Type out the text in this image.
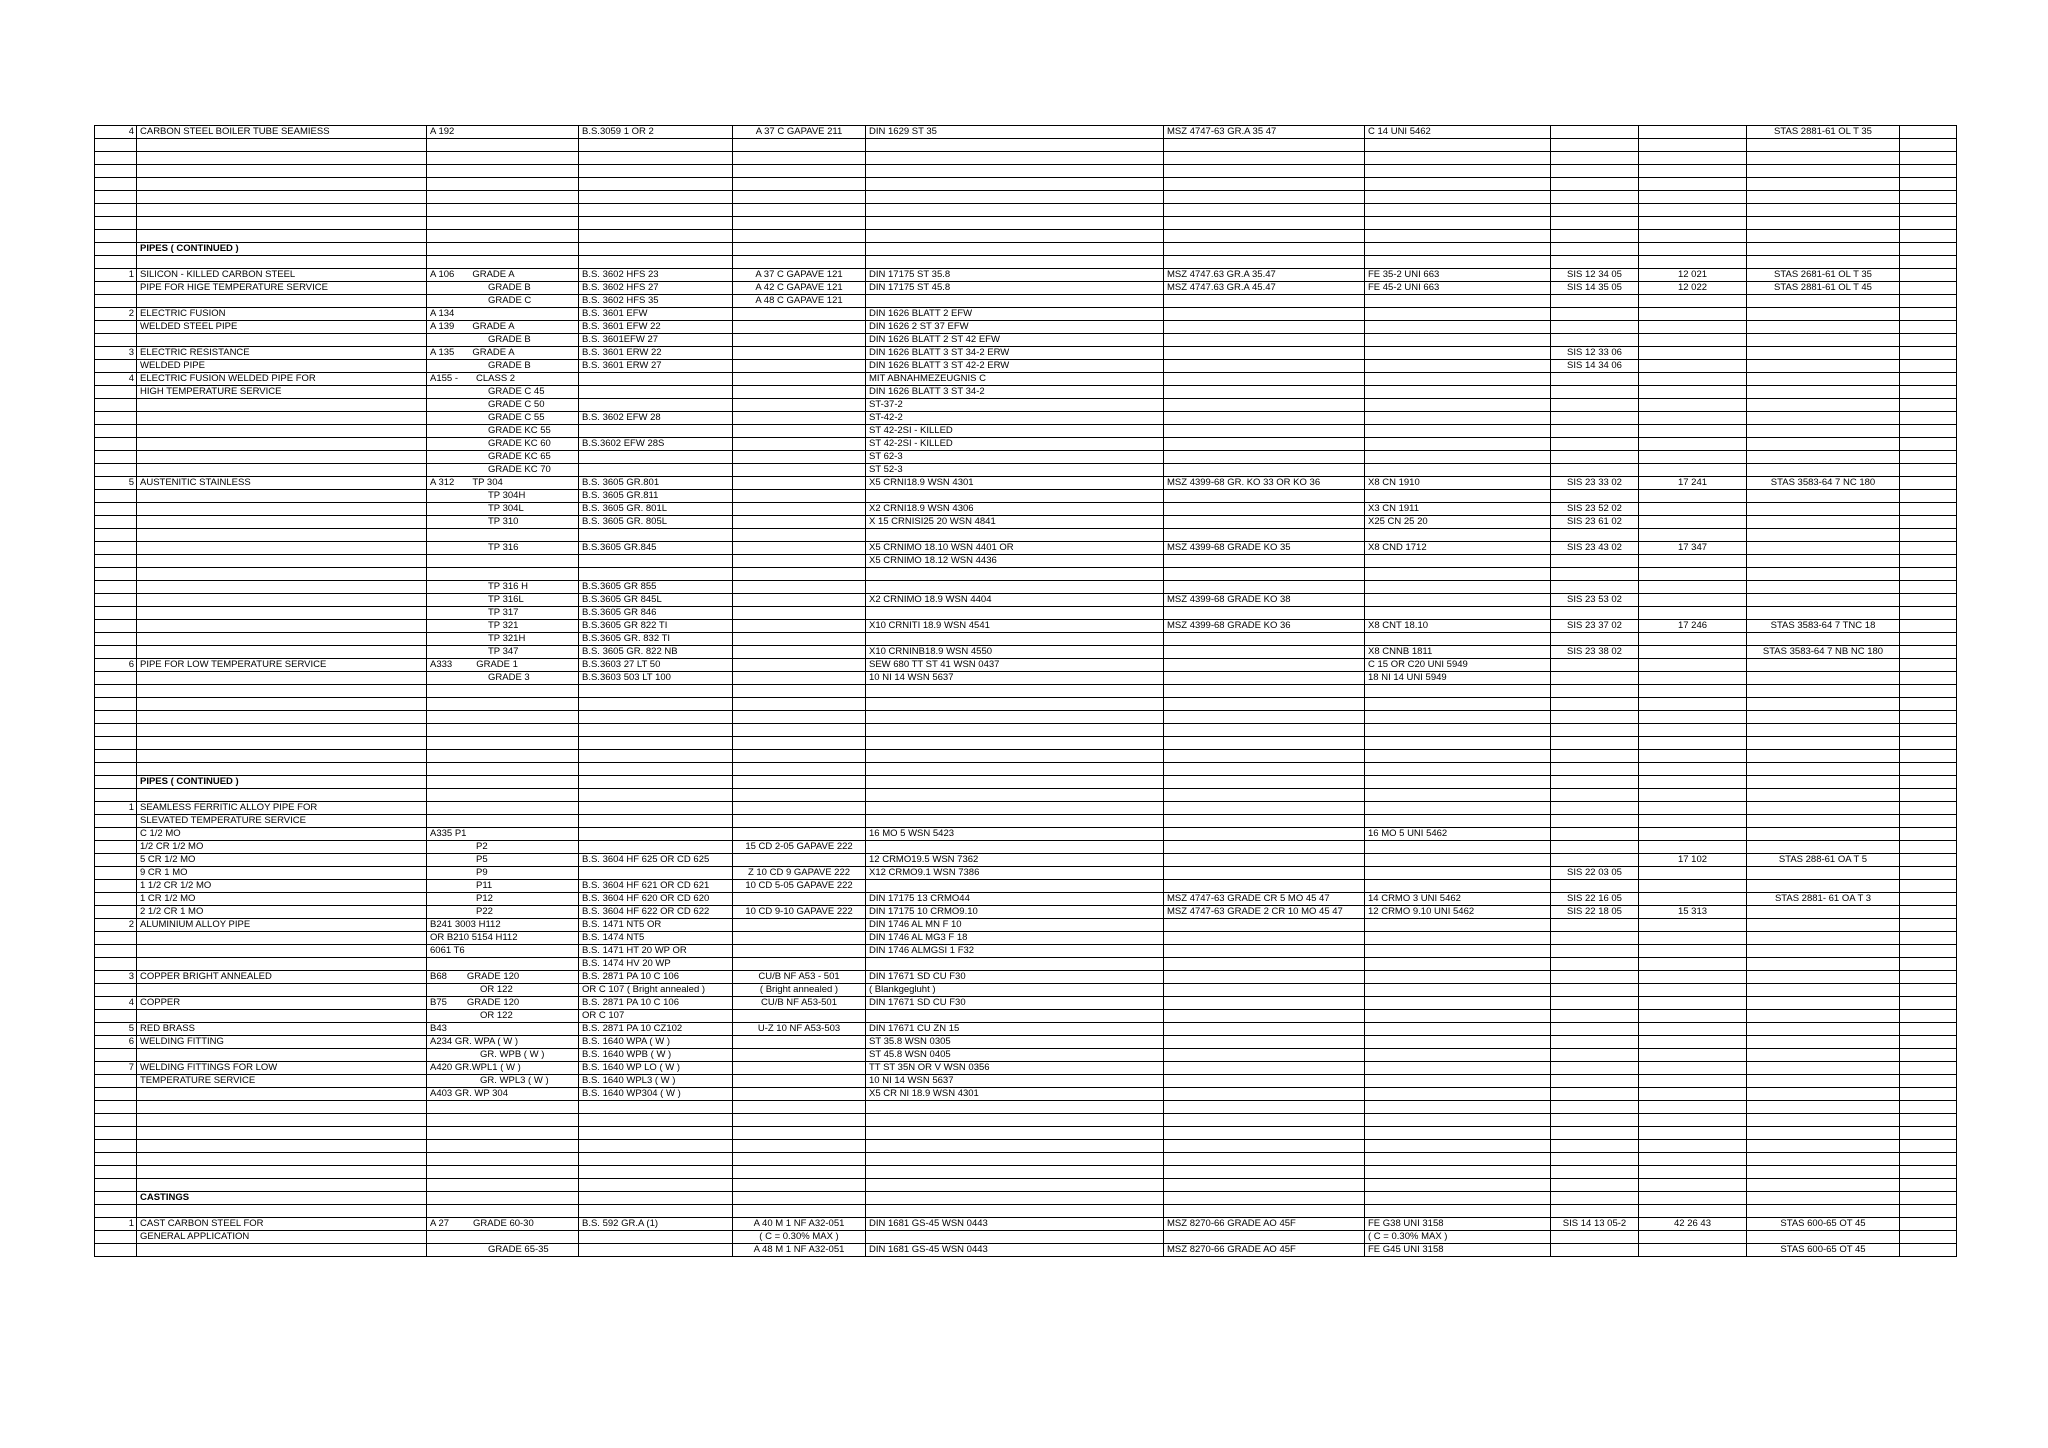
4	CARBON STEEL BOILER TUBE SEAMIESS	A 192	B.S.3059 1 OR 2	A 37 C GAPAVE 211	DIN 1629 ST 35	MSZ 4747-63 GR.A 35 47	C 14 UNI 5462			STAS 2881-61 OL T 35	

	PIPES ( CONTINUED )										

1	SILICON - KILLED CARBON STEEL	A 106 GRADE A	B.S. 3602 HFS 23	A 37 C GAPAVE 121	DIN 17175 ST 35.8	MSZ 4747.63 GR.A 35.47	FE 35-2 UNI 663	SIS 12 34 05	12 021	STAS 2681-61 OL T 35	
	PIPE FOR HIGE TEMPERATURE SERVICE	GRADE B	B.S. 3602 HFS 27	A 42 C GAPAVE 121	DIN 17175 ST 45.8	MSZ 4747.63 GR.A 45.47	FE 45-2 UNI 663	SIS 14 35 05	12 022	STAS 2881-61 OL T 45	
		GRADE C	B.S. 3602 HFS 35	A 48 C GAPAVE 121							
2	ELECTRIC FUSION	A 134	B.S. 3601 EFW		DIN 1626 BLATT 2 EFW						
	WELDED STEEL PIPE	A 139 GRADE A	B.S. 3601 EFW 22		DIN 1626 2 ST 37 EFW						
		GRADE B	B.S. 3601EFW 27		DIN 1626 BLATT 2 ST 42 EFW						
3	ELECTRIC RESISTANCE	A 135 GRADE A	B.S. 3601 ERW 22		DIN 1626 BLATT 3 ST 34-2 ERW			SIS 12 33 06			
	WELDED PIPE	GRADE B	B.S. 3601 ERW 27		DIN 1626 BLATT 3 ST 42-2 ERW			SIS 14 34 06			
4	ELECTRIC FUSION WELDED PIPE FOR	A155 - CLASS 2			MIT ABNAHMEZEUGNIS C						
	HIGH TEMPERATURE SERVICE	GRADE C 45			DIN 1626 BLATT 3 ST 34-2						
		GRADE C 50			ST-37-2						
		GRADE C 55	B.S. 3602 EFW 28		ST-42-2						
		GRADE KC 55			ST 42-2SI - KILLED						
		GRADE KC 60	B.S.3602 EFW 28S		ST 42-2SI - KILLED						
		GRADE KC 65			ST 62-3						
		GRADE KC 70			ST 52-3						
5	AUSTENITIC STAINLESS	A 312 TP 304	B.S. 3605 GR.801		X5 CRNI18.9 WSN 4301	MSZ 4399-68 GR. KO 33 OR KO 36	X8 CN 1910	SIS 23 33 02	17 241	STAS 3583-64 7 NC 180	
		TP 304H	B.S. 3605 GR.811								
		TP 304L	B.S. 3605 GR. 801L		X2 CRNI18.9 WSN 4306		X3 CN 1911	SIS 23 52 02			
		TP 310	B.S. 3605 GR. 805L		X 15 CRNISI25 20 WSN 4841		X25 CN 25 20	SIS 23 61 02			

		TP 316	B.S.3605 GR.845		X5 CRNIMO 18.10 WSN 4401 OR	MSZ 4399-68 GRADE KO 35	X8 CND 1712	SIS 23 43 02	17 347		
					X5 CRNIMO 18.12 WSN 4436						

		TP 316 H	B.S.3605 GR 855								
		TP 316L	B.S.3605 GR 845L		X2 CRNIMO 18.9 WSN 4404	MSZ 4399-68 GRADE KO 38		SIS 23 53 02			
		TP 317	B.S.3605 GR 846								
		TP 321	B.S.3605 GR 822 TI		X10 CRNITI 18.9 WSN 4541	MSZ 4399-68 GRADE KO 36	X8 CNT 18.10	SIS 23 37 02	17 246	STAS 3583-64 7 TNC 18	
		TP 321H	B.S.3605 GR. 832 TI								
		TP 347	B.S. 3605 GR. 822 NB		X10 CRNINB18.9 WSN 4550		X8 CNNB 1811	SIS 23 38 02		STAS 3583-64 7 NB NC 180	
6	PIPE FOR LOW TEMPERATURE SERVICE	A333 GRADE 1	B.S.3603 27 LT 50		SEW 680 TT ST 41 WSN 0437		C 15 OR C20 UNI 5949				
		GRADE 3	B.S.3603 503 LT 100		10 NI 14 WSN 5637		18 NI 14 UNI 5949				

	PIPES ( CONTINUED )										

1	SEAMLESS FERRITIC ALLOY PIPE FOR										
	SLEVATED TEMPERATURE SERVICE										
	C 1/2 MO	A335 P1			16 MO 5 WSN 5423		16 MO 5 UNI 5462				
	1/2 CR 1/2 MO	P2		15 CD 2-05 GAPAVE 222							
	5 CR 1/2 MO	P5	B.S. 3604 HF 625 OR CD 625		12 CRMO19.5 WSN 7362				17 102	STAS 288-61 OA T 5	
	9 CR 1 MO	P9		Z 10 CD 9 GAPAVE 222	X12 CRMO9.1 WSN 7386			SIS 22 03 05			
	1 1/2 CR 1/2 MO	P11	B.S. 3604 HF 621 OR CD 621	10 CD 5-05 GAPAVE 222							
	1 CR 1/2 MO	P12	B.S. 3604 HF 620 OR CD 620		DIN 17175 13 CRMO44	MSZ 4747-63 GRADE CR 5 MO 45 47	14 CRMO 3 UNI 5462	SIS 22 16 05		STAS 2881- 61 OA T 3	
	2 1/2 CR 1 MO	P22	B.S. 3604 HF 622 OR CD 622	10 CD 9-10 GAPAVE 222	DIN 17175 10 CRMO9.10	MSZ 4747-63 GRADE 2 CR 10 MO 45 47	12 CRMO 9.10 UNI 5462	SIS 22 18 05	15 313		
2	ALUMINIUM ALLOY PIPE	B241 3003 H112	B.S. 1471 NT5 OR		DIN 1746 AL MN F 10						
		OR B210 5154 H112	B.S. 1474 NT5		DIN 1746 AL MG3 F 18						
		6061 T6	B.S. 1471 HT 20 WP OR		DIN 1746 ALMGSI 1 F32						
			B.S. 1474 HV 20 WP								
3	COPPER BRIGHT ANNEALED	B68 GRADE 120	B.S. 2871 PA 10 C 106	CU/B NF A53 - 501	DIN 17671 SD CU F30						
		OR 122	OR C 107 ( Bright annealed )	( Bright annealed )	( Blankgegluht )						
4	COPPER	B75 GRADE 120	B.S. 2871 PA 10 C 106	CU/B NF A53-501	DIN 17671 SD CU F30						
		OR 122	OR C 107								
5	RED BRASS	B43	B.S. 2871 PA 10 CZ102	U-Z 10 NF A53-503	DIN 17671 CU ZN 15						
6	WELDING FITTING	A234 GR. WPA ( W )	B.S. 1640 WPA ( W )		ST 35.8 WSN 0305						
		GR. WPB ( W )	B.S. 1640 WPB ( W )		ST 45.8 WSN 0405						
7	WELDING FITTINGS FOR LOW	A420 GR.WPL1 ( W )	B.S. 1640 WP LO ( W )		TT ST 35N OR V WSN 0356						
	TEMPERATURE SERVICE	GR. WPL3 ( W )	B.S. 1640 WPL3 ( W )		10 NI 14 WSN 5637						
		A403 GR. WP 304	B.S. 1640 WP304 ( W )		X5 CR NI 18.9 WSN 4301						

	CASTINGS										

1	CAST CARBON STEEL FOR	A 27 GRADE 60-30	B.S. 592 GR.A (1)	A 40 M 1 NF A32-051	DIN 1681 GS-45 WSN 0443	MSZ 8270-66 GRADE AO 45F	FE G38 UNI 3158	SIS 14 13 05-2	42 26 43	STAS 600-65 OT 45	
	GENERAL APPLICATION			( C = 0.30% MAX )			( C = 0.30% MAX )				
		GRADE 65-35		A 48 M 1 NF A32-051	DIN 1681 GS-45 WSN 0443	MSZ 8270-66 GRADE AO 45F	FE G45 UNI 3158			STAS 600-65 OT 45	
